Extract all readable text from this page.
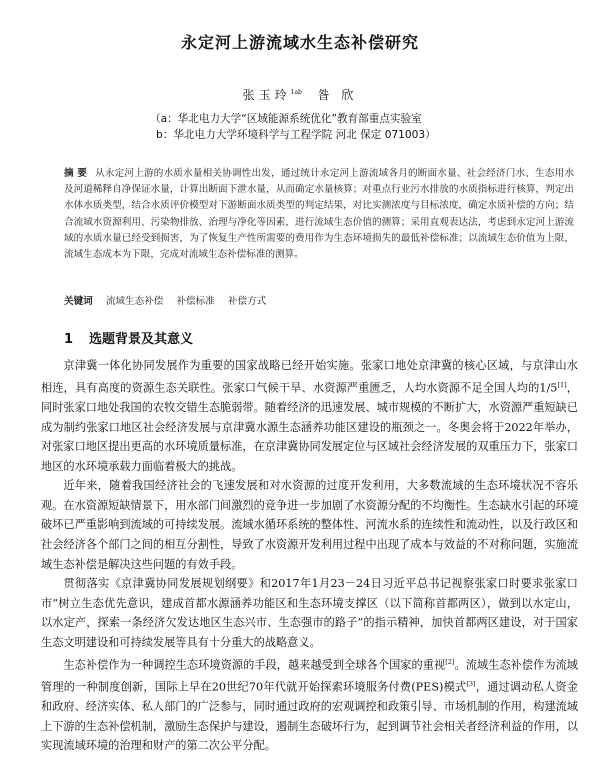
永定河上游流域水生态补偿研究
张玉玲$^{1ab}$ 昝 欣
（a：华北电力大学“区域能源系统优化”教育部重点实验室
b：华北电力大学环境科学与工程学院 河北 保定 071003）
摘 要 从永定河上游的水质水量相关协调性出发，通过统计永定河上游流域各月的断面水量、社会经济门水、生态用水及河道稀释自净保证水量，计算出断面下泄水量，从而确定水量核算；对重点行业污水排放的水质指标进行核算，判定出水体水质类型，结合水质评价模型对下游断面水质类型的判定结果，对比实测浓度与目标浓度，确定水质补偿的方向；结合流域水资源利用、污染物排放、治理与净化等因素，进行流域生态价值的测算；采用直观表达法，考虑到永定河上游流域的水质水量已经受到损害，为了恢复生产性所需要的费用作为生态环境损失的最低补偿标准；以流域生态价值为上限，流域生态成本为下限，完成对流域生态补偿标准的测算。
关键词 流域生态补偿 补偿标准 补偿方式
1 选题背景及其意义

京津冀一体化协同发展作为重要的国家战略已经开始实施。张家口地处京津冀的核心区域，与京津山水相连，具有高度的资源生态关联性。张家口气候干旱、水资源严重匮乏，人均水资源不足全国人均的1/5[1]，同时张家口地处我国的农牧交错生态脆弱带。随着经济的迅速发展、城市规模的不断扩大，水资源严重短缺已成为制约张家口地区社会经济发展与京津冀水源生态涵养功能区建设的瓶颈之一。冬奥会将于2022年举办，对张家口地区提出更高的水环境质量标准，在京津冀协同发展定位与区域社会经济发展的双重压力下，张家口地区的水环境承载力面临着极大的挑战。

近年来，随着我国经济社会的飞速发展和对水资源的过度开发利用，大多数流域的生态环境状况不容乐观。在水资源短缺情景下，用水部门间激烈的竞争进一步加剧了水资源分配的不均衡性。生态缺水引起的环境破坏已严重影响到流域的可持续发展。流域水循环系统的整体性、河流水系的连续性和流动性，以及行政区和社会经济各个部门之间的相互分割性，导致了水资源开发利用过程中出现了成本与效益的不对称问题，实施流域生态补偿是解决这些问题的有效手段。

贯彻落实《京津冀协同发展规划纲要》和2017年1月23－24日习近平总书记视察张家口时要求张家口市“树立生态优先意识，建成首都水源涵养功能区和生态环境支撑区（以下简称首都两区），做到以水定山，以水定产，探索一条经济欠发达地区生态兴市、生态强市的路子”的指示精神，加快首都两区建设，对于国家生态文明建设和可持续发展等具有十分重大的战略意义。

生态补偿作为一种调控生态环境资源的手段，越来越受到全球各个国家的重视[2]。流域生态补偿作为流域管理的一种制度创新，国际上早在20世纪70年代就开始探索环境服务付费(PES)模式[3]，通过调动私人资金和政府、经济实体、私人部门的广泛参与，同时通过政府的宏观调控和政策引导、市场机制的作用，构建流域上下游的生态补偿机制，激励生态保护与建设，遏制生态破坏行为，起到调节社会相关者经济利益的作用，以实现流域环境的治理和财产的第二次公平分配。
